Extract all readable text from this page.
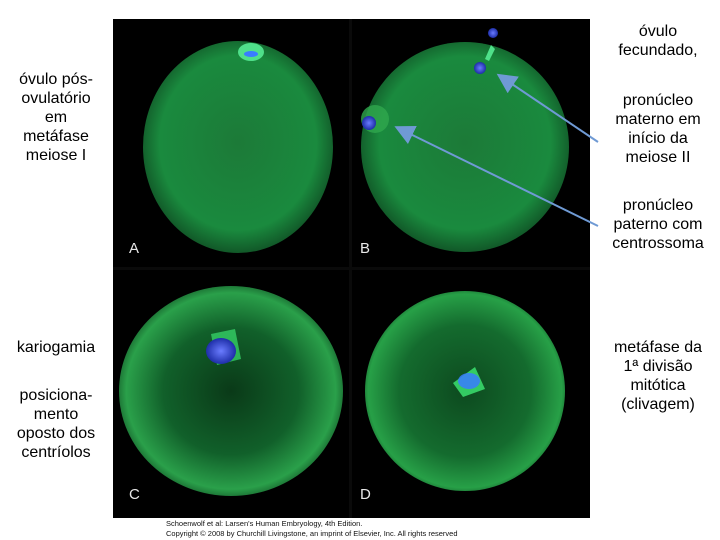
óvulo pós-
ovulatório
em
metáfase
meiose I
kariogamia
posiciona-
mento
oposto dos
centríolos
óvulo
fecundado,
pronúcleo
materno em
início da
meiose II
pronúcleo
paterno com
centrossoma
metáfase da
1ª divisão
mitótica
(clivagem)
A	B
C	D
Schoenwolf et al: Larsen's Human Embryology, 4th Edition.
Copyright © 2008 by Churchill Livingstone, an imprint of Elsevier, Inc. All rights reserved
